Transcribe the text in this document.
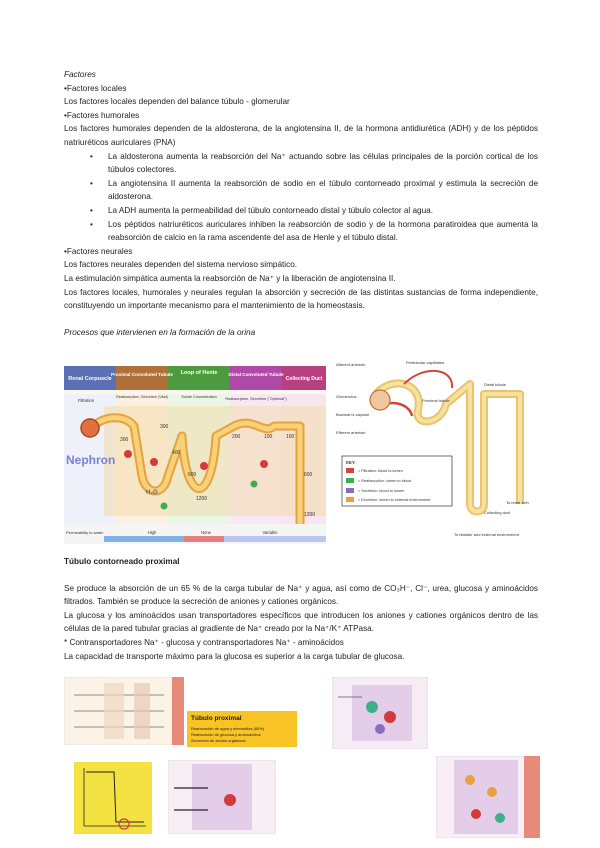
Factores

•Factores locales

Los factores locales dependen del balance túbulo - glomerular

•Factores humorales

Los factores humorales dependen de la aldosterona, de la angiotensina II, de la hormona antidiurética (ADH) y de los péptidos natriuréticos auriculares (PNA)

• La aldosterona aumenta la reabsorción del Na⁺ actuando sobre las células principales de la porción cortical de los túbulos colectores.
• La angiotensina II aumenta la reabsorción de sodio en el túbulo contorneado proximal y estimula la secreción de aldosterona.
• La ADH aumenta la permeabilidad del túbulo contorneado distal y túbulo colector al agua.
• Los péptidos natriuréticos auriculares inhiben la reabsorción de sodio y de la hormona paratiroidea que aumenta la reabsorción de calcio en la rama ascendente del asa de Henle y el túbulo distal.

•Factores neurales

Los factores neurales dependen del sistema nervioso simpático.

La estimulación simpática aumenta la reabsorción de Na⁺ y la liberación de angiotensina II.

Los factores locales, humorales y neurales regulan la absorción y secreción de las distintas sustancias de forma independiente, constituyendo un importante mecanismo para el mantenimiento de la homeostasis.

Procesos que intervienen en la formación de la orina

Renal Corpuscle
Proximal Convoluted Tubule Loop of Henle Distal Convoluted Tubule
Collecting Duct
Filtration
Reabsorption, Secretion (Vital)	Solute Concentration Reabsorption, Secretion ("Optional")
Nephron
300
300
400
600
1200
200	100	100
600
1200
H₂O
Permeability to water	High	None	Variable
Afferent arteriole	Peritubular capillaries
Glomerulus
Bowman's capsule
Efferent arteriole
Proximal tubule
Distal tubule
Collecting duct
To renal vein
To bladder and external environment
KEY:
= Filtration: blood to lumen
= Reabsorption: lumen to blood
= Secretion: blood to lumen
= Excretion: lumen to external environment

Túbulo contorneado proximal

Se produce la absorción de un 65 % de la carga tubular de Na⁺ y agua, así como de CO₃H⁻, Cl⁻, urea, glucosa y aminoácidos filtrados. También se produce la secreción de aniones y cationes orgánicos.

La glucosa y los aminoácidos usan transportadores específicos que introducen los aniones y cationes orgánicos dentro de las células de la pared tubular gracias al gradiente de Na⁺ creado por la Na⁺/K⁺ ATPasa.

* Contransportadores Na⁺ - glucosa y contransportadores Na⁺ - aminoácidos

La capacidad de transporte máximo para la glucosa es superior a la carga tubular de glucosa.

Túbulo proximal
Reabsorción de agua y electrolitos (65%)
Reabsorción de glucosa y aminoácidos
Secreción de ácidos orgánicos
